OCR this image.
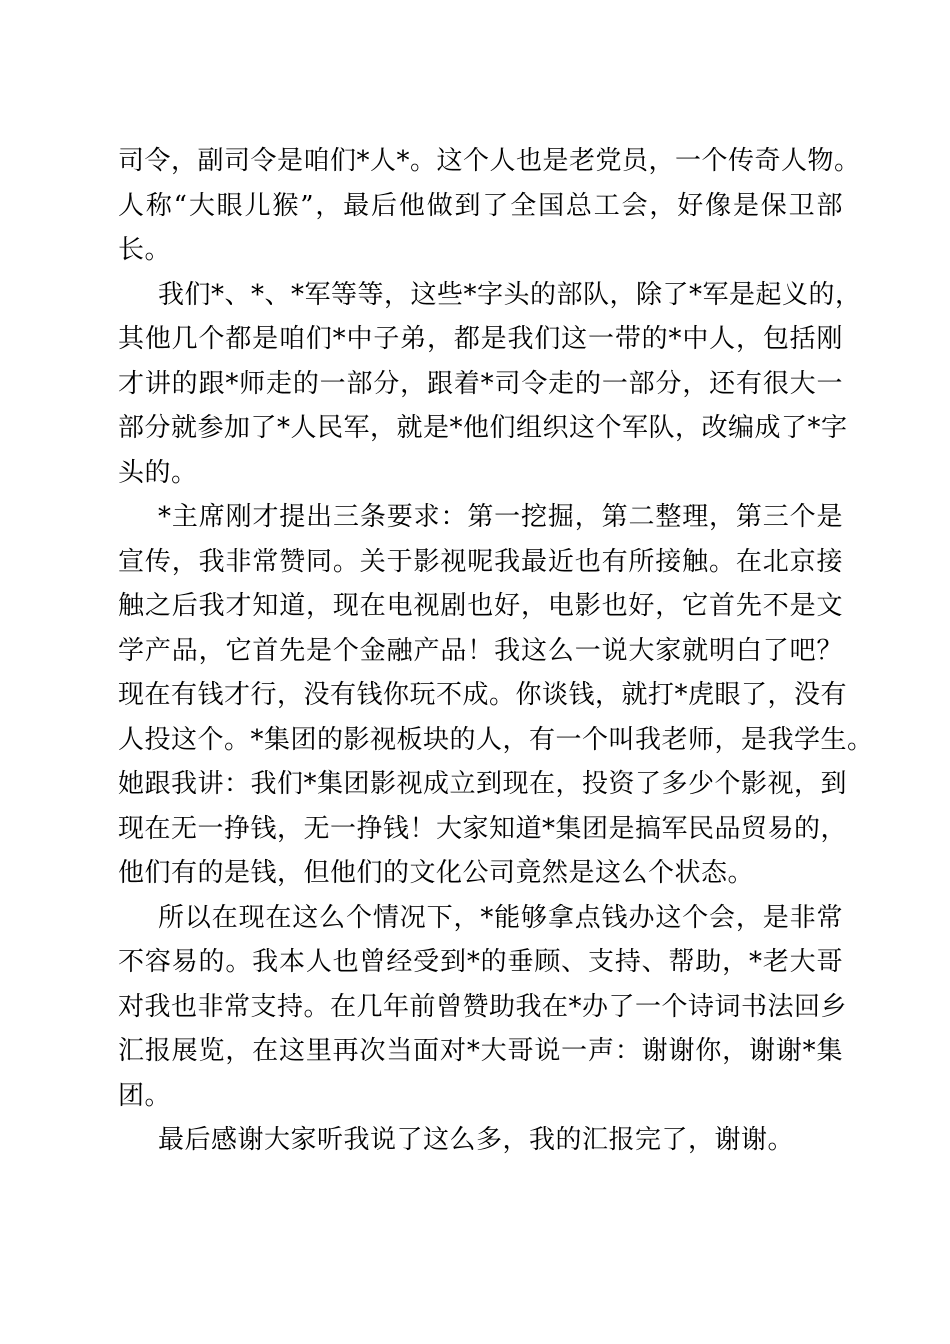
司令，副司令是咱们*人*。这个人也是老党员，一个传奇人物。
人称“大眼儿猴”，最后他做到了全国总工会，好像是保卫部
长。
我们*、*、*军等等，这些*字头的部队，除了*军是起义的，
其他几个都是咱们*中子弟，都是我们这一带的*中人，包括刚
才讲的跟*师走的一部分，跟着*司令走的一部分，还有很大一
部分就参加了*人民军，就是*他们组织这个军队，改编成了*字
头的。
*主席刚才提出三条要求：第一挖掘，第二整理，第三个是
宣传，我非常赞同。关于影视呢我最近也有所接触。在北京接
触之后我才知道，现在电视剧也好，电影也好，它首先不是文
学产品，它首先是个金融产品！我这么一说大家就明白了吧？
现在有钱才行，没有钱你玩不成。你谈钱，就打*虎眼了，没有
人投这个。*集团的影视板块的人，有一个叫我老师，是我学生。
她跟我讲：我们*集团影视成立到现在，投资了多少个影视，到
现在无一挣钱，无一挣钱！大家知道*集团是搞军民品贸易的，
他们有的是钱，但他们的文化公司竟然是这么个状态。
所以在现在这么个情况下，*能够拿点钱办这个会，是非常
不容易的。我本人也曾经受到*的垂顾、支持、帮助，*老大哥
对我也非常支持。在几年前曾赞助我在*办了一个诗词书法回乡
汇报展览，在这里再次当面对*大哥说一声：谢谢你，谢谢*集
团。
最后感谢大家听我说了这么多，我的汇报完了，谢谢。
